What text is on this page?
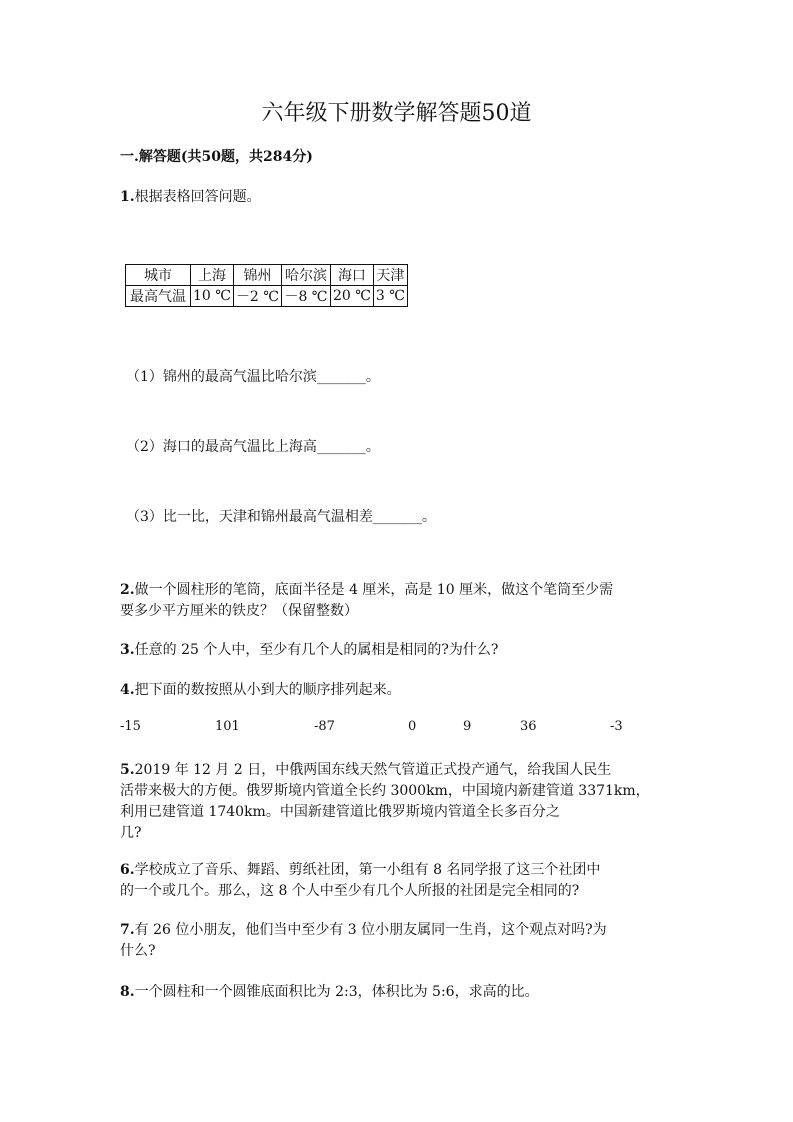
六年级下册数学解答题50道
一.解答题(共50题，共284分)
1.根据表格回答问题。
城市	上海	锦州	哈尔滨	海口	天津
最高气温	10 ℃	－2 ℃	－8 ℃	20 ℃	3 ℃
（1）锦州的最高气温比哈尔滨_______。
（2）海口的最高气温比上海高_______。
（3）比一比，天津和锦州最高气温相差_______。
2.做一个圆柱形的笔筒，底面半径是 4 厘米，高是 10 厘米，做这个笔筒至少需
要多少平方厘米的铁皮？（保留整数）
3.任意的 25 个人中，至少有几个人的属相是相同的?为什么?
4.把下面的数按照从小到大的顺序排列起来。
-15	101	-87	0	9	36	-3
5.2019 年 12 月 2 日，中俄两国东线天然气管道正式投产通气，给我国人民生
活带来极大的方便。俄罗斯境内管道全长约 3000km，中国境内新建管道 3371km，
利用已建管道 1740km。中国新建管道比俄罗斯境内管道全长多百分之
几?
6.学校成立了音乐、舞蹈、剪纸社团，第一小组有 8 名同学报了这三个社团中
的一个或几个。那么，这 8 个人中至少有几个人所报的社团是完全相同的?
7.有 26 位小朋友，他们当中至少有 3 位小朋友属同一生肖，这个观点对吗?为
什么?
8.一个圆柱和一个圆锥底面积比为 2:3，体积比为 5:6，求高的比。
